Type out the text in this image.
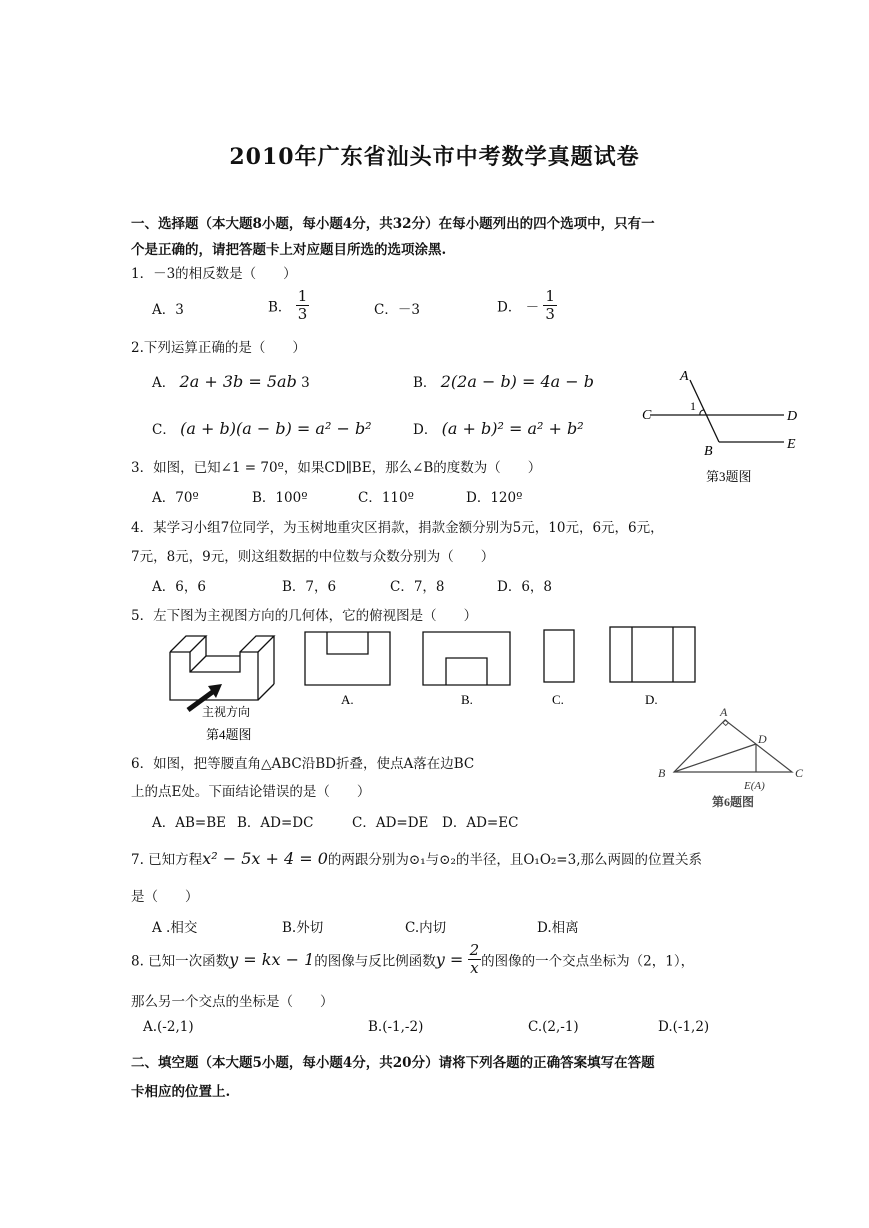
2010年广东省汕头市中考数学真题试卷
一、选择题（本大题8小题，每小题4分，共32分）在每小题列出的四个选项中，只有一
个是正确的，请把答题卡上对应题目所选的选项涂黑.
1．－3的相反数是（　　）
A．3	B． $\frac{1}{3}$	C．－3	D． － $\frac{1}{3}$
2.下列运算正确的是（　　）
A． 2a + 3b = 5ab 3	B． 2(2a − b) = 4a − b
C． (a + b)(a − b) = a² − b²	D． (a + b)² = a² + b²
A
1
C	D
B	E
第3题图
3．如图，已知∠1 = 70º，如果CD∥BE，那么∠B的度数为（　　）
A．70º	B．100º	C．110º	D．120º
4．某学习小组7位同学，为玉树地重灾区捐款，捐款金额分别为5元，10元，6元，6元，
7元，8元，9元，则这组数据的中位数与众数分别为（　　）
A．6，6	B．7，6	C．7，8	D．6，8
5．左下图为主视图方向的几何体，它的俯视图是（　　）
主视方向
第4题图
A.	B.	C.	D.
A
B	C
D
E(A)
第6题图
6．如图，把等腰直角△ABC沿BD折叠，使点A落在边BC
上的点E处。下面结论错误的是（　　）
A．AB=BE B．AD=DC	C．AD=DE D．AD=EC
7. 已知方程x² − 5x + 4 = 0的两跟分别为⊙₁与⊙₂的半径，且O₁O₂=3,那么两圆的位置关系
是（　　）
A .相交	B.外切	C.内切	D.相离
8. 已知一次函数y = kx − 1的图像与反比例函数$y = \frac{2}{x}$ 的图像的一个交点坐标为（2，1），
那么另一个交点的坐标是（　　）
A.(-2,1)	B.(-1,-2)	C.(2,-1)	D.(-1,2)
二、填空题（本大题5小题，每小题4分，共20分）请将下列各题的正确答案填写在答题
卡相应的位置上.
